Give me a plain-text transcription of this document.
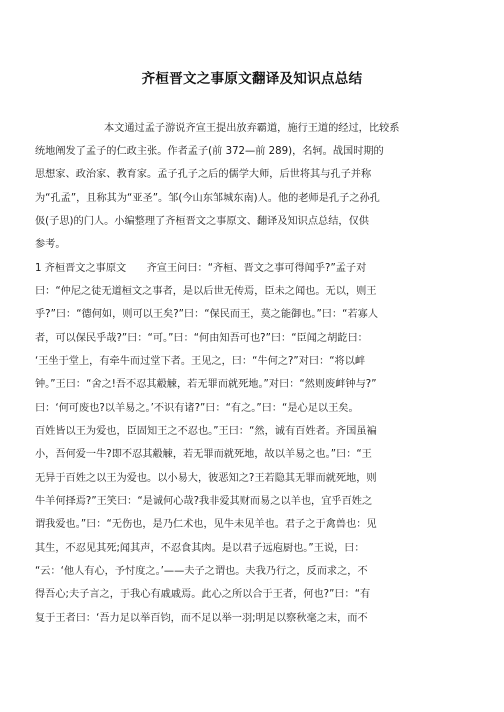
齐桓晋文之事原文翻译及知识点总结
本文通过孟子游说齐宣王提出放弃霸道，施行王道的经过，比较系
统地阐发了孟子的仁政主张。作者孟子(前 372—前 289)，名轲。战国时期的
思想家、政治家、教育家。孟子孔子之后的儒学大师，后世将其与孔子并称
为“孔孟”，且称其为“亚圣”。邹(今山东邹城东南)人。他的老师是孔子之孙孔
伋(子思)的门人。小编整理了齐桓晋文之事原文、翻译及知识点总结，仅供
参考。
1 齐桓晋文之事原文　　齐宣王问曰：“齐桓、晋文之事可得闻乎?”孟子对
曰：“仲尼之徒无道桓文之事者，是以后世无传焉，臣未之闻也。无以，则王
乎?”曰：“德何如，则可以王矣?”曰：“保民而王，莫之能御也。”曰：“若寡人
者，可以保民乎哉?”曰：“可。”曰：“何由知吾可也?”曰：“臣闻之胡龁曰：
‘王坐于堂上，有牵牛而过堂下者。王见之，曰：“牛何之?”对曰：“将以衅
钟。”王曰：“舍之!吾不忍其觳觫，若无罪而就死地。”对曰：“然则废衅钟与?”
曰：‘何可废也?以羊易之。’不识有诸?”曰：“有之。”曰：“是心足以王矣。
百姓皆以王为爱也，臣固知王之不忍也。”王曰：“然，诚有百姓者。齐国虽褊
小，吾何爱一牛?即不忍其觳觫，若无罪而就死地，故以羊易之也。”曰：“王
无异于百姓之以王为爱也。以小易大，彼恶知之?王若隐其无罪而就死地，则
牛羊何择焉?”王笑曰：“是诚何心哉?我非爱其财而易之以羊也，宜乎百姓之
谓我爱也。”曰：“无伤也，是乃仁术也，见牛未见羊也。君子之于禽兽也：见
其生，不忍见其死;闻其声，不忍食其肉。是以君子远庖厨也。”王说，曰：
“云：‘他人有心，予忖度之。’——夫子之谓也。夫我乃行之，反而求之，不
得吾心;夫子言之，于我心有戚戚焉。此心之所以合于王者，何也?”曰：“有
复于王者曰：‘吾力足以举百钧，而不足以举一羽;明足以察秋毫之末，而不
